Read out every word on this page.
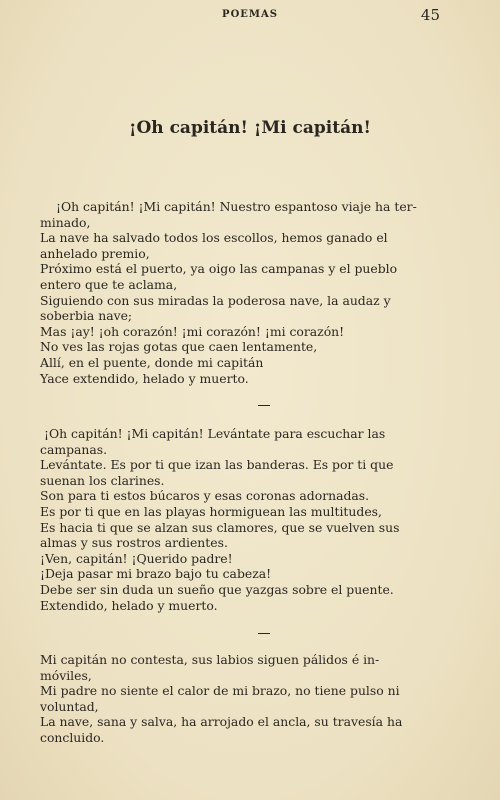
POEMAS	45
¡Oh capitán! ¡Mi capitán!

¡Oh capitán! ¡Mi capitán! Nuestro espantoso viaje ha ter-

minado,

La nave ha salvado todos los escollos, hemos ganado el

anhelado premio,

Próximo está el puerto, ya oigo las campanas y el pueblo

entero que te aclama,

Siguiendo con sus miradas la poderosa nave, la audaz y

soberbia nave;

Mas ¡ay! ¡oh corazón! ¡mi corazón! ¡mi corazón!

No ves las rojas gotas que caen lentamente,

Allí, en el puente, donde mi capitán

Yace extendido, helado y muerto.

¡Oh capitán! ¡Mi capitán! Levántate para escuchar las

campanas.

Levántate. Es por ti que izan las banderas. Es por ti que

suenan los clarines.

Son para ti estos búcaros y esas coronas adornadas.

Es por ti que en las playas hormiguean las multitudes,

Es hacia ti que se alzan sus clamores, que se vuelven sus

almas y sus rostros ardientes.

¡Ven, capitán! ¡Querido padre!

¡Deja pasar mi brazo bajo tu cabeza!

Debe ser sin duda un sueño que yazgas sobre el puente.

Extendido, helado y muerto.

Mi capitán no contesta, sus labios siguen pálidos é in-

móviles,

Mi padre no siente el calor de mi brazo, no tiene pulso ni

voluntad,

La nave, sana y salva, ha arrojado el ancla, su travesía ha

concluido.
